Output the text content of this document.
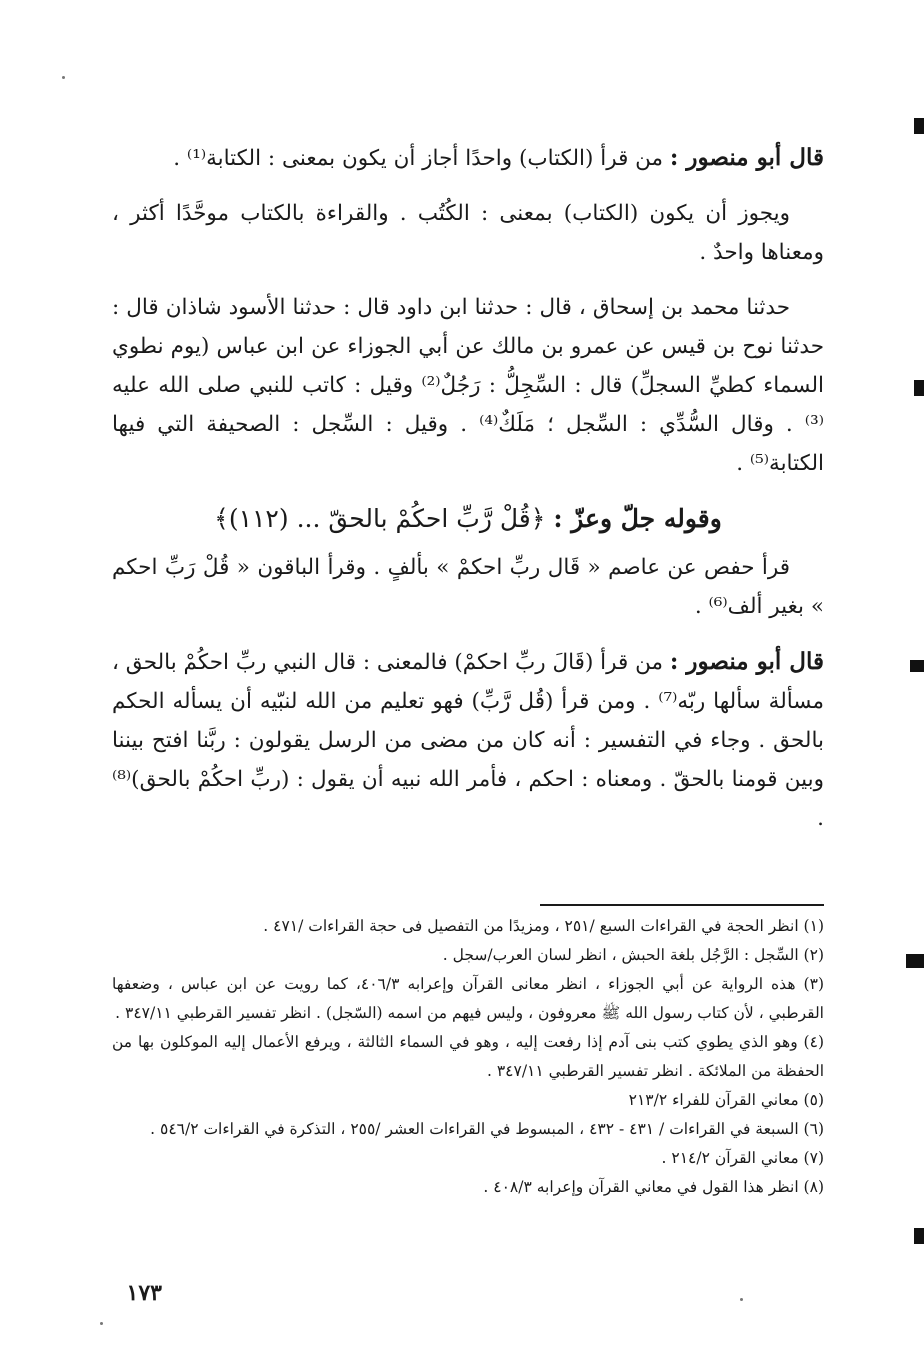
قال أبو منصور : من قرأ (الكتاب) واحدًا أجاز أن يكون بمعنى : الكتابة⁽¹⁾ .

ويجوز أن يكون (الكتاب) بمعنى : الكُتُب . والقراءة بالكتاب موحَّدًا أكثر ، ومعناها واحدٌ .

حدثنا محمد بن إسحاق ، قال : حدثنا ابن داود قال : حدثنا الأسود شاذان قال : حدثنا نوح بن قيس عن عمرو بن مالك عن أبي الجوزاء عن ابن عباس (يوم نطوي السماء كطيِّ السجلِّ) قال : السِّجِلُّ : رَجُلٌ⁽²⁾ وقيل : كاتب للنبي صلى الله عليه ⁽³⁾ . وقال السُّدِّي : السِّجل ؛ مَلَكٌ⁽⁴⁾ . وقيل : السِّجل : الصحيفة التي فيها الكتابة⁽⁵⁾ .

وقوله جلّ وعزّ : ﴿قُلْ رَّبِّ احكُمْ بالحقّ ... (١١٢)﴾

قرأ حفص عن عاصم « قَال ربِّ احكمْ » بألفٍ . وقرأ الباقون « قُلْ رَبِّ احكم » بغير ألف⁽⁶⁾ .

قال أبو منصور : من قرأ (قَالَ ربِّ احكمْ) فالمعنى : قال النبي ربِّ احكُمْ بالحق ، مسألة سألها ربّه⁽⁷⁾ . ومن قرأ (قُل رَّبِّ) فهو تعليم من الله لنبّيه أن يسأله الحكم بالحق . وجاء في التفسير : أنه كان من مضى من الرسل يقولون : ربَّنا افتح بيننا وبين قومنا بالحقّ . ومعناه : احكم ، فأمر الله نبيه أن يقول : (ربِّ احكُمْ بالحق)⁽⁸⁾ .

(١) انظر الحجة في القراءات السبع /٢٥١ ، ومزيدًا من التفصيل فى حجة القراءات /٤٧١ .

(٢) السِّجل : الرَّجُل بلغة الحبش ، انظر لسان العرب/سجل .

(٣) هذه الرواية عن أبي الجوزاء ، انظر معانى القرآن وإعرابه ٤٠٦/٣، كما رويت عن ابن عباس ، وضعفها القرطبي ، لأن كتاب رسول الله ﷺ معروفون ، وليس فيهم من اسمه (السّجل) . انظر تفسير القرطبي ٣٤٧/١١ .

(٤) وهو الذي يطوي كتب بنى آدم إذا رفعت إليه ، وهو في السماء الثالثة ، ويرفع الأعمال إليه الموكلون بها من الحفظة من الملائكة . انظر تفسير القرطبي ٣٤٧/١١ .

(٥) معاني القرآن للفراء ٢١٣/٢

(٦) السبعة في القراءات / ٤٣١ - ٤٣٢ ، المبسوط في القراءات العشر /٢٥٥ ، التذكرة في القراءات ٥٤٦/٢ .

(٧) معاني القرآن ٢١٤/٢ .

(٨) انظر هذا القول في معاني القرآن وإعرابه ٤٠٨/٣ .

١٧٣
